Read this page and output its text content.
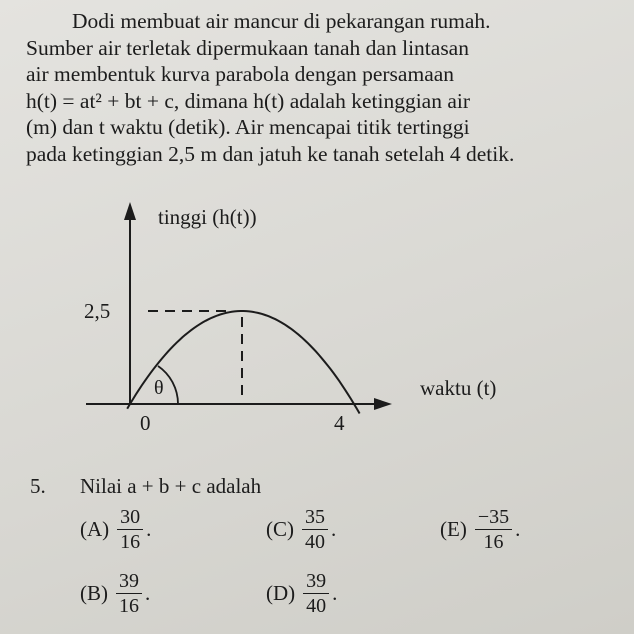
Dodi membuat air mancur di pekarangan rumah.

Sumber air terletak dipermukaan tanah dan lintasan

air membentuk kurva parabola dengan persamaan

h(t) = at² + bt + c, dimana h(t) adalah ketinggian air

(m) dan t waktu (detik). Air mencapai titik tertinggi

pada ketinggian 2,5 m dan jatuh ke tanah setelah 4 detik.

tinggi (h(t))
waktu (t)
2,5
0	4
θ
5. Nilai a + b + c adalah
$(A) \frac{30}{16}$ .
$(B) \frac{39}{16}$ .
$(C) \frac{35}{40}$ .
$(D) \frac{39}{40}$ .
$(E) \frac{-35}{16}$ .
